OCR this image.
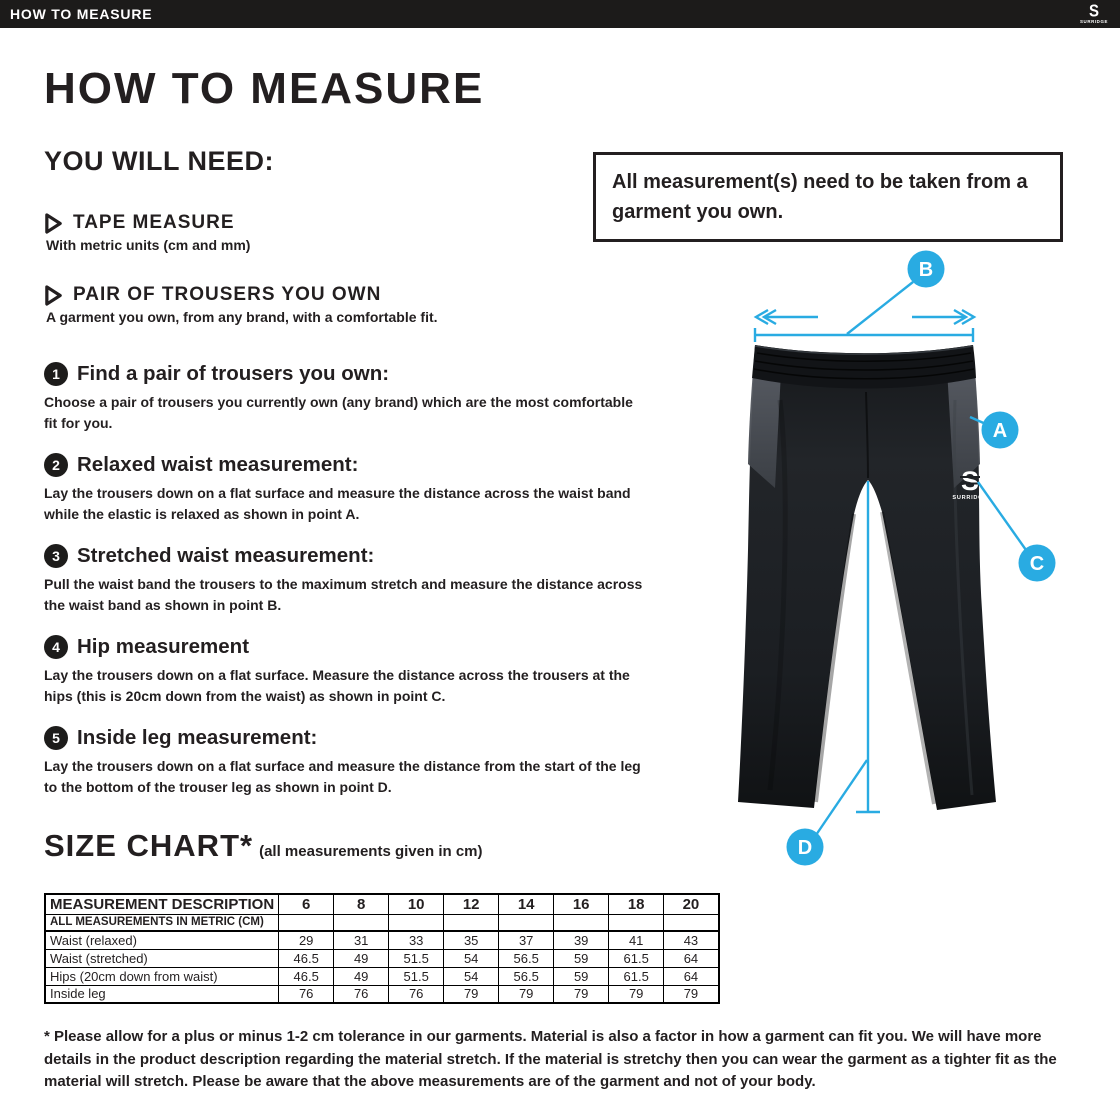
HOW TO MEASURE	S
SURRIDGE
HOW TO MEASURE
YOU WILL NEED:
TAPE MEASURE
With metric units (cm and mm)
PAIR OF TROUSERS YOU OWN
A garment you own, from any brand, with a comfortable fit.
All measurement(s) need to be taken from a garment you own.
1 Find a pair of trousers you own:
Choose a pair of trousers you currently own (any brand) which are the most comfortable fit for you.
2 Relaxed waist measurement:
Lay the trousers down on a flat surface and measure the distance across the waist band while the elastic is relaxed as shown in point A.
3 Stretched waist measurement:
Pull the waist band the trousers to the maximum stretch and measure the distance across the waist band as shown in point B.
4 Hip measurement
Lay the trousers down on a flat surface. Measure the distance across the trousers at the hips (this is 20cm down from the waist) as shown in point C.
5 Inside leg measurement:
Lay the trousers down on a flat surface and measure the distance from the start of the leg to the bottom of the trouser leg as shown in point D.
SIZE CHART* (all measurements given in cm)
MEASUREMENT DESCRIPTION	6	8	10	12	14	16	18	20
ALL MEASUREMENTS IN METRIC (CM)								
Waist (relaxed)	29	31	33	35	37	39	41	43
Waist (stretched)	46.5	49	51.5	54	56.5	59	61.5	64
Hips (20cm down from waist)	46.5	49	51.5	54	56.5	59	61.5	64
Inside leg	76	76	76	79	79	79	79	79
* Please allow for a plus or minus 1-2 cm tolerance in our garments. Material is also a factor in how a garment can fit you. We will have more details in the product description regarding the material stretch. If the material is stretchy then you can wear the garment as a tighter fit as the material will stretch. Please be aware that the above measurements are of the garment and not of your body.
S
SURRIDGE
B
A
C
D
